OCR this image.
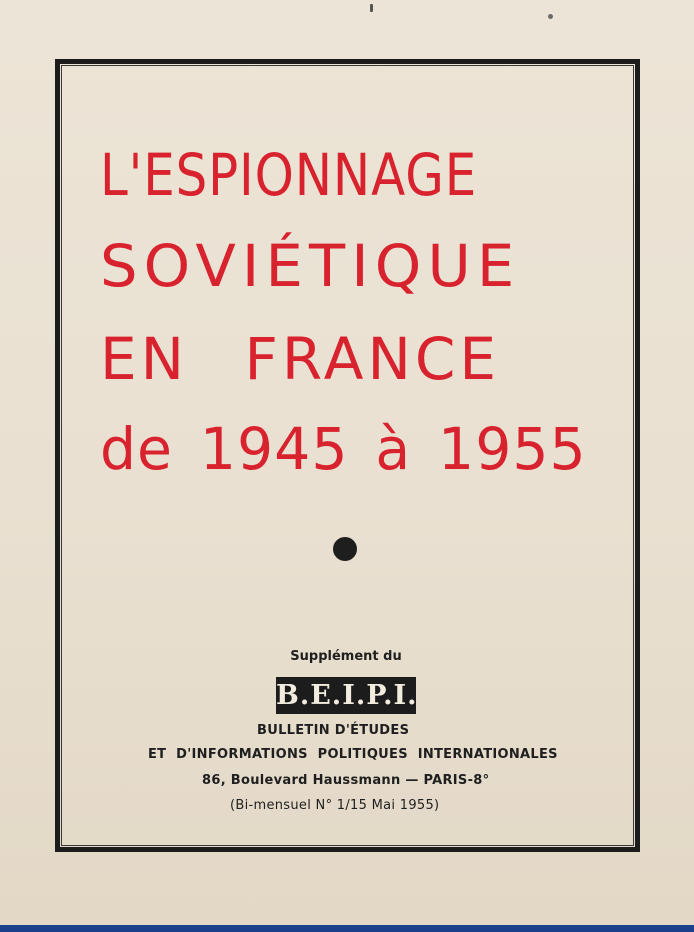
L'ESPIONNAGE
SOVIÉTIQUE
EN FRANCE
de 1945 à 1955
Supplément du
B.E.I.P.I.
BULLETIN D'ÉTUDES
ET D'INFORMATIONS POLITIQUES INTERNATIONALES
86, Boulevard Haussmann — PARIS-8°
(Bi-mensuel N° 1/15 Mai 1955)
